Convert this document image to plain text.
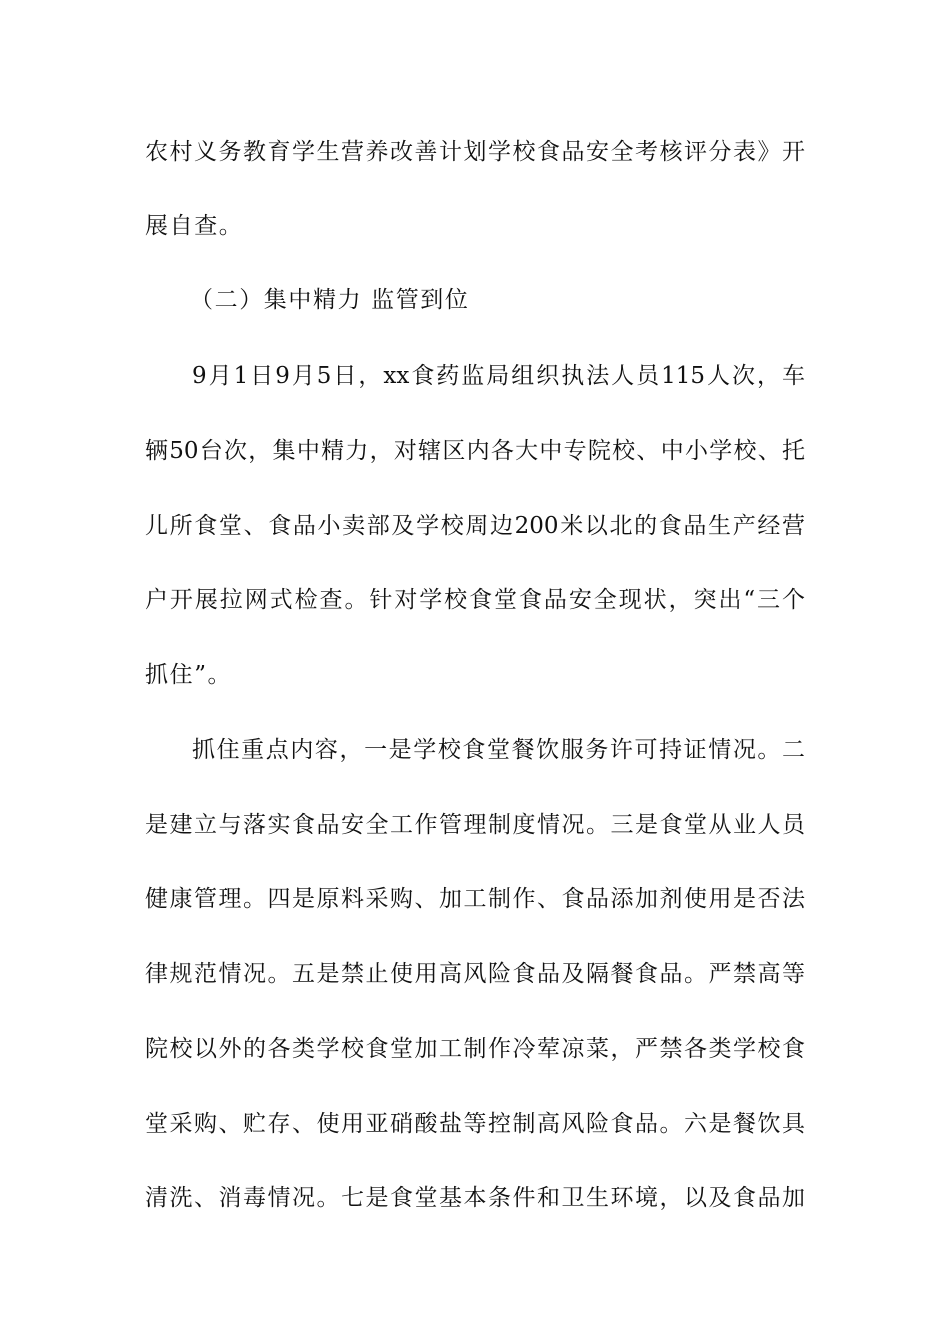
农村义务教育学生营养改善计划学校食品安全考核评分表》开
展自查。
（二）集中精力 监管到位
9月1日9月5日，xx食药监局组织执法人员115人次，车
辆50台次，集中精力，对辖区内各大中专院校、中小学校、托
儿所食堂、食品小卖部及学校周边200米以北的食品生产经营
户开展拉网式检查。针对学校食堂食品安全现状，突出“三个
抓住”。
抓住重点内容，一是学校食堂餐饮服务许可持证情况。二
是建立与落实食品安全工作管理制度情况。三是食堂从业人员
健康管理。四是原料采购、加工制作、食品添加剂使用是否法
律规范情况。五是禁止使用高风险食品及隔餐食品。严禁高等
院校以外的各类学校食堂加工制作冷荤凉菜，严禁各类学校食
堂采购、贮存、使用亚硝酸盐等控制高风险食品。六是餐饮具
清洗、消毒情况。七是食堂基本条件和卫生环境，以及食品加
